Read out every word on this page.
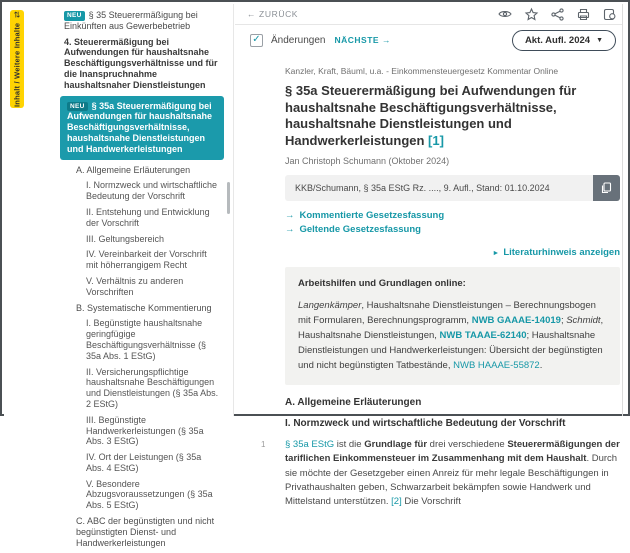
NEU § 35 Steuerermäßigung bei Einkünften aus Gewerbebetrieb
4. Steuerermäßigung bei Aufwendungen für haushaltsnahe Beschäftigungsverhältnisse und für die Inanspruchnahme haushaltsnaher Dienstleistungen
NEU § 35a Steuerermäßigung bei Aufwendungen für haushaltsnahe Beschäftigungsverhältnisse, haushaltsnahe Dienstleistungen und Handwerkerleistungen
A. Allgemeine Erläuterungen
I. Normzweck und wirtschaftliche Bedeutung der Vorschrift
II. Entstehung und Entwicklung der Vorschrift
III. Geltungsbereich
IV. Vereinbarkeit der Vorschrift mit höherrangigem Recht
V. Verhältnis zu anderen Vorschriften
B. Systematische Kommentierung
I. Begünstigte haushaltsnahe geringfügige Beschäftigungsverhältnisse (§ 35a Abs. 1 EStG)
II. Versicherungspflichtige haushaltsnahe Beschäftigungen und Dienstleistungen (§ 35a Abs. 2 EStG)
III. Begünstigte Handwerkerleistungen (§ 35a Abs. 3 EStG)
IV. Ort der Leistungen (§ 35a Abs. 4 EStG)
V. Besondere Abzugsvoraussetzungen (§ 35a Abs. 5 EStG)
C. ABC der begünstigten und nicht begünstigten Dienst- und Handwerkerleistungen
Inhalt / Weitere Inhalte
⇄	← ZURÜCK
✓ Änderungen NÄCHSTE →	Akt. Aufl. 2024 ▼
Kanzler, Kraft, Bäuml, u.a. - Einkommensteuergesetz Kommentar Online
§ 35a Steuerermäßigung bei Aufwendungen für haushaltsnahe Beschäftigungsverhältnisse, haushaltsnahe Dienstleistungen und Handwerkerleistungen [1]
Jan Christoph Schumann (Oktober 2024)
KKB/Schumann, § 35a EStG Rz. ...., 9. Aufl., Stand: 01.10.2024
→ Kommentierte Gesetzesfassung
→ Geltende Gesetzesfassung
► Literaturhinweis anzeigen
Arbeitshilfen und Grundlagen online:
Langenkämper, Haushaltsnahe Dienstleistungen – Berechnungsbogen mit Formularen, Berechnungsprogramm, NWB GAAAE-14019; Schmidt, Haushaltsnahe Dienstleistungen, NWB TAAAE-62140; Haushaltsnahe Dienstleistungen und Handwerkerleistungen: Übersicht der begünstigten und nicht begünstigten Tatbestände, NWB HAAAE-55872.
A. Allgemeine Erläuterungen
I. Normzweck und wirtschaftliche Bedeutung der Vorschrift
1 § 35a EStG ist die Grundlage für drei verschiedene Steuerermäßigungen der tariflichen Einkommensteuer im Zusammenhang mit dem Haushalt. Durch sie möchte der Gesetzgeber einen Anreiz für mehr legale Beschäftigungen in Privathaushalten geben, Schwarzarbeit bekämpfen sowie Handwerk und Mittelstand unterstützen. [2] Die Vorschrift
